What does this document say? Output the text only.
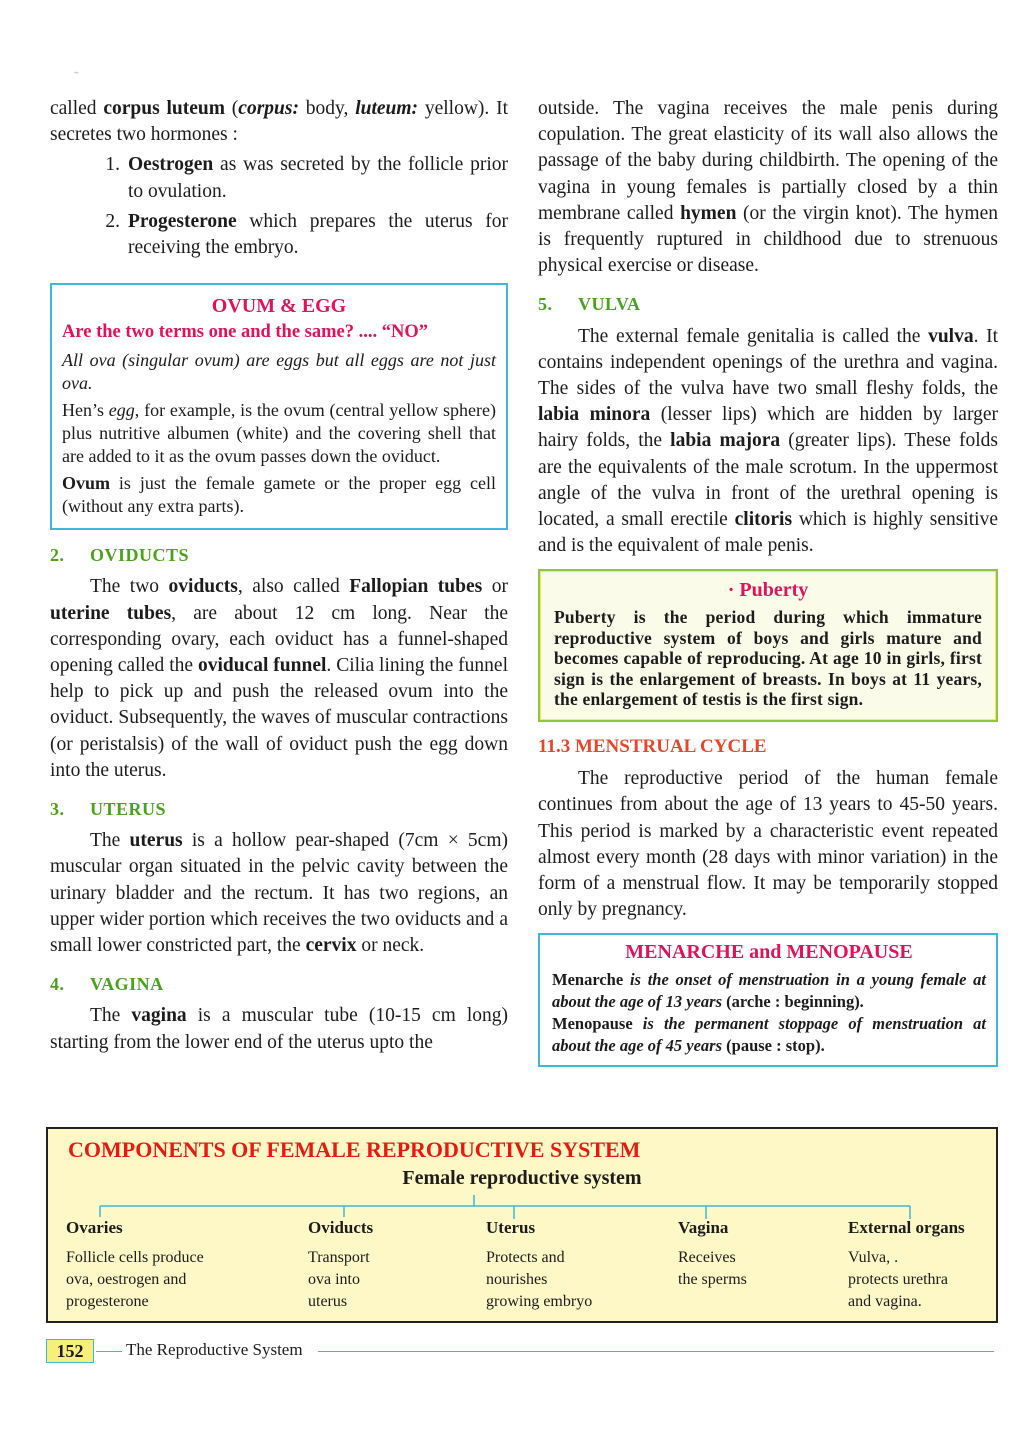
˜

called corpus luteum (corpus: body, luteum: yellow). It secretes two hormones :

1. Oestrogen as was secreted by the follicle prior to ovulation.
2. Progesterone which prepares the uterus for receiving the embryo.
OVUM & EGG
Are the two terms one and the same? .... “NO”

All ova (singular ovum) are eggs but all eggs are not just ova.

Hen’s egg, for example, is the ovum (central yellow sphere) plus nutritive albumen (white) and the covering shell that are added to it as the ovum passes down the oviduct.

Ovum is just the female gamete or the proper egg cell (without any extra parts).

2. OVIDUCTS

The two oviducts, also called Fallopian tubes or uterine tubes, are about 12 cm long. Near the corresponding ovary, each oviduct has a funnel-shaped opening called the oviducal funnel. Cilia lining the funnel help to pick up and push the released ovum into the oviduct. Subsequently, the waves of muscular contractions (or peristalsis) of the wall of oviduct push the egg down into the uterus.

3. UTERUS

The uterus is a hollow pear-shaped (7cm × 5cm) muscular organ situated in the pelvic cavity between the urinary bladder and the rectum. It has two regions, an upper wider portion which receives the two oviducts and a small lower constricted part, the cervix or neck.

4. VAGINA

The vagina is a muscular tube (10-15 cm long) starting from the lower end of the uterus upto the

outside. The vagina receives the male penis during copulation. The great elasticity of its wall also allows the passage of the baby during childbirth. The opening of the vagina in young females is partially closed by a thin membrane called hymen (or the virgin knot). The hymen is frequently ruptured in childhood due to strenuous physical exercise or disease.

5. VULVA

The external female genitalia is called the vulva. It contains independent openings of the urethra and vagina. The sides of the vulva have two small fleshy folds, the labia minora (lesser lips) which are hidden by larger hairy folds, the labia majora (greater lips). These folds are the equivalents of the male scrotum. In the uppermost angle of the vulva in front of the urethral opening is located, a small erectile clitoris which is highly sensitive and is the equivalent of male penis.

· Puberty

Puberty is the period during which immature reproductive system of boys and girls mature and becomes capable of reproducing. At age 10 in girls, first sign is the enlargement of breasts. In boys at 11 years, the enlargement of testis is the first sign.

11.3 MENSTRUAL CYCLE

The reproductive period of the human female continues from about the age of 13 years to 45-50 years. This period is marked by a characteristic event repeated almost every month (28 days with minor variation) in the form of a menstrual flow. It may be temporarily stopped only by pregnancy.

MENARCHE and MENOPAUSE

Menarche is the onset of menstruation in a young female at about the age of 13 years (arche : beginning).

Menopause is the permanent stoppage of menstruation at about the age of 45 years (pause : stop).

COMPONENTS OF FEMALE REPRODUCTIVE SYSTEM
Female reproductive system
Ovaries
Follicle cells produce
ova, oestrogen and
progesterone
Oviducts
Transport
ova into
uterus
Uterus
Protects and
nourishes
growing embryo
Vagina
Receives
the sperms
External organs
Vulva, .
protects urethra
and vagina.
152	The Reproductive System
